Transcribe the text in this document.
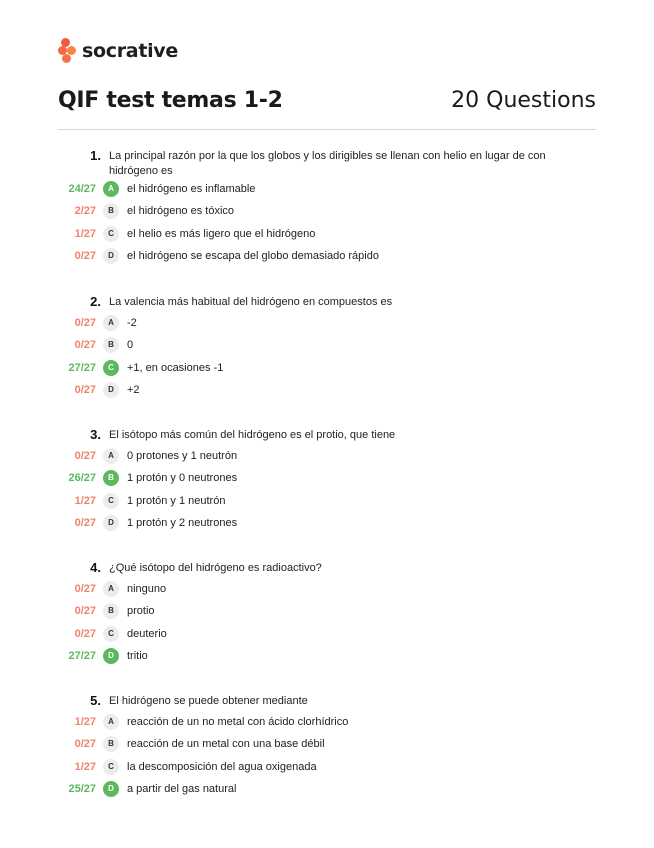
socrative
QIF test temas 1-2	20 Questions
1. La principal razón por la que los globos y los dirigibles se llenan con helio en lugar de con hidrógeno es
24/27	A	el hidrógeno es inflamable
2/27	B	el hidrógeno es tóxico
1/27	C	el helio es más ligero que el hidrógeno
0/27	D	el hidrógeno se escapa del globo demasiado rápido
2. La valencia más habitual del hidrógeno en compuestos es
0/27	A	-2
0/27	B	0
27/27	C	+1, en ocasiones -1
0/27	D	+2
3. El isótopo más común del hidrógeno es el protio, que tiene
0/27	A	0 protones y 1 neutrón
26/27	B	1 protón y 0 neutrones
1/27	C	1 protón y 1 neutrón
0/27	D	1 protón y 2 neutrones
4. ¿Qué isótopo del hidrógeno es radioactivo?
0/27	A	ninguno
0/27	B	protio
0/27	C	deuterio
27/27	D	tritio
5. El hidrógeno se puede obtener mediante
1/27	A	reacción de un no metal con ácido clorhídrico
0/27	B	reacción de un metal con una base débil
1/27	C	la descomposición del agua oxigenada
25/27	D	a partir del gas natural
